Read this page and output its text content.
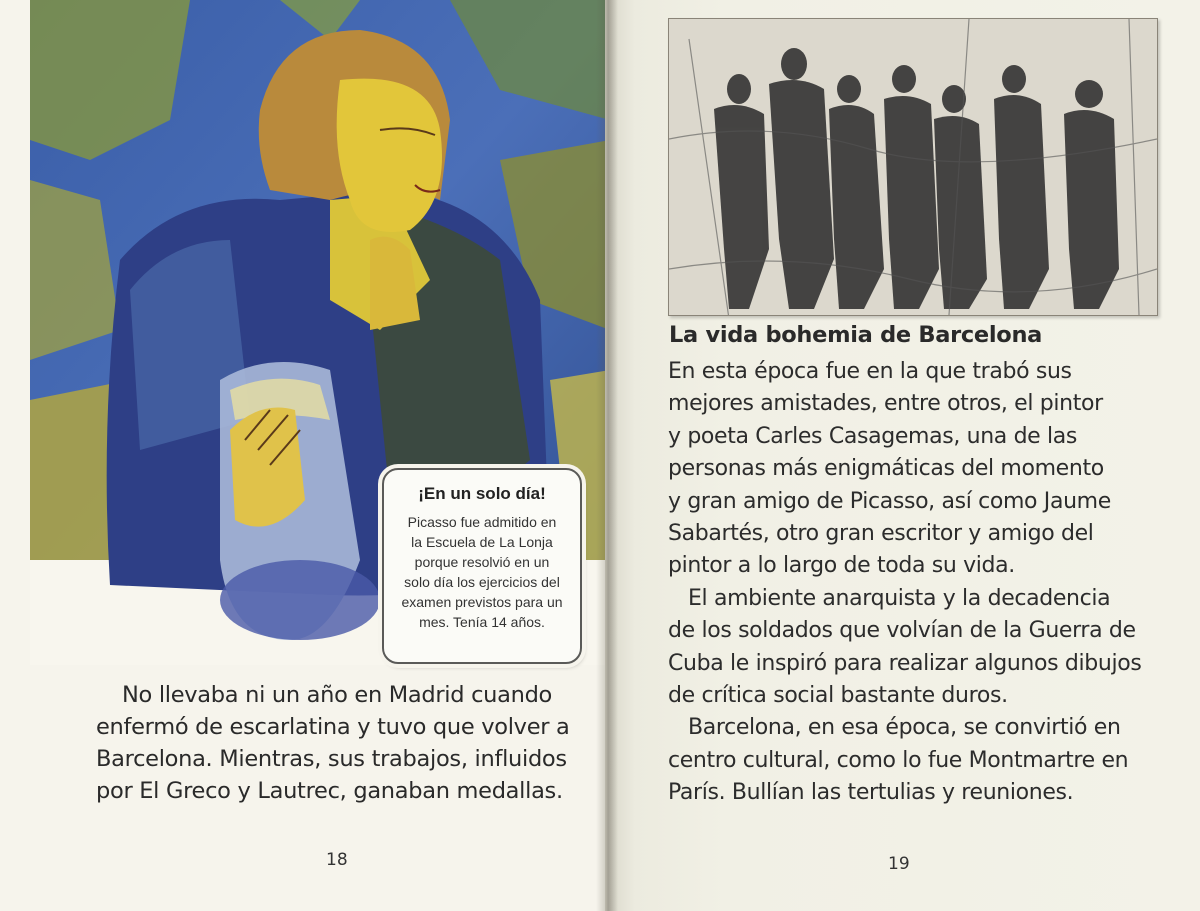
¡En un solo día!
Picasso fue admitido en
la Escuela de La Lonja
porque resolvió en un
solo día los ejercicios del
examen previstos para un
mes. Tenía 14 años.
No llevaba ni un año en Madrid cuando
enfermó de escarlatina y tuvo que volver a
Barcelona. Mientras, sus trabajos, influidos
por El Greco y Lautrec, ganaban medallas.
18
La vida bohemia de Barcelona

En esta época fue en la que trabó sus
mejores amistades, entre otros, el pintor
y poeta Carles Casagemas, una de las
personas más enigmáticas del momento
y gran amigo de Picasso, así como Jaume
Sabartés, otro gran escritor y amigo del
pintor a lo largo de toda su vida.

El ambiente anarquista y la decadencia
de los soldados que volvían de la Guerra de
Cuba le inspiró para realizar algunos dibujos
de crítica social bastante duros.

Barcelona, en esa época, se convirtió en
centro cultural, como lo fue Montmartre en
París. Bullían las tertulias y reuniones.

19
